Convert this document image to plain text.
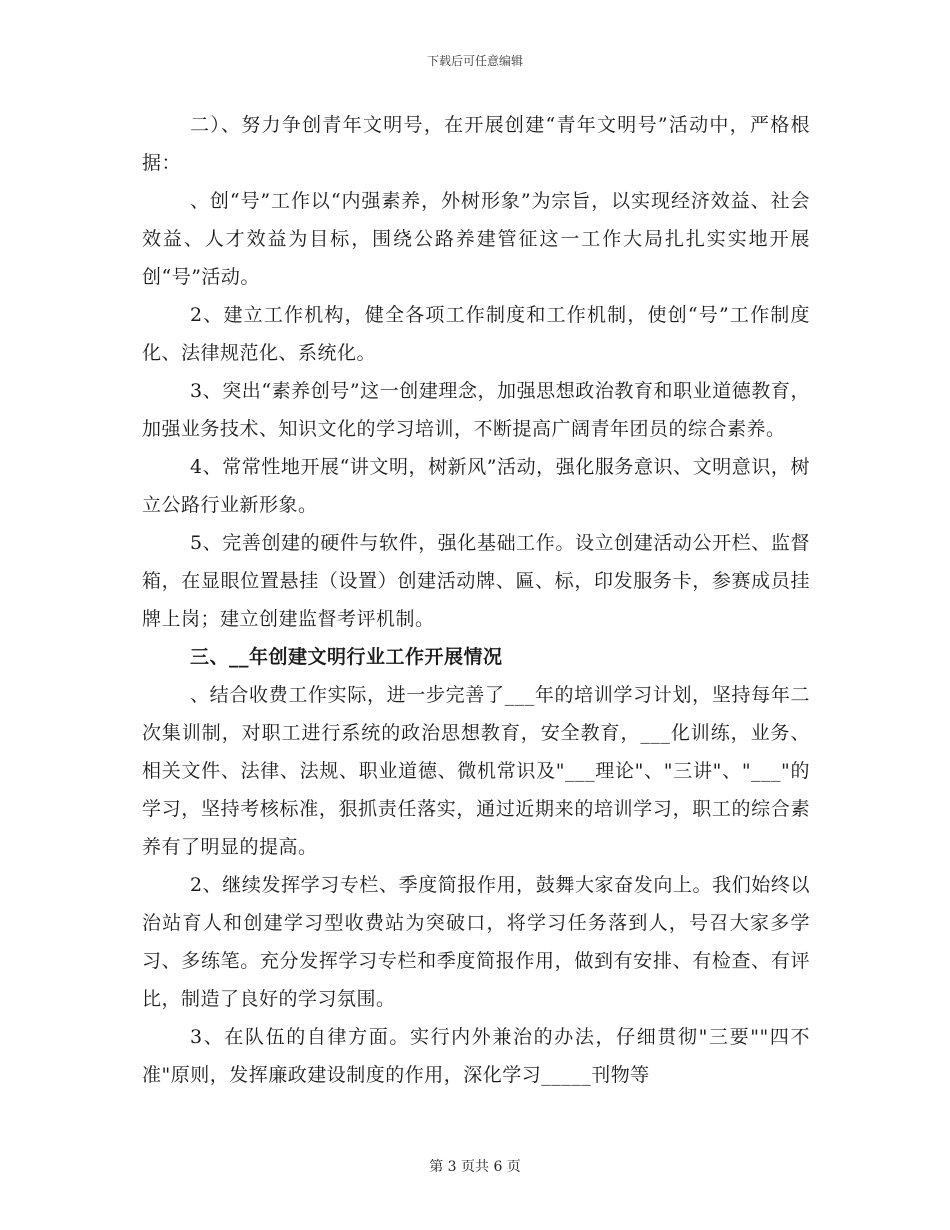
下载后可任意编辑

二）、努力争创青年文明号，在开展创建“青年文明号”活动中，严格根据：

、创“号”工作以“内强素养，外树形象”为宗旨，以实现经济效益、社会效益、人才效益为目标，围绕公路养建管征这一工作大局扎扎实实地开展创“号”活动。

2、建立工作机构，健全各项工作制度和工作机制，使创“号”工作制度化、法律规范化、系统化。

3、突出“素养创号”这一创建理念，加强思想政治教育和职业道德教育，加强业务技术、知识文化的学习培训，不断提高广阔青年团员的综合素养。

4、常常性地开展“讲文明，树新风”活动，强化服务意识、文明意识，树立公路行业新形象。

5、完善创建的硬件与软件，强化基础工作。设立创建活动公开栏、监督箱，在显眼位置悬挂（设置）创建活动牌、匾、标，印发服务卡，参赛成员挂牌上岗；建立创建监督考评机制。

三、__年创建文明行业工作开展情况

、结合收费工作实际，进一步完善了___年的培训学习计划，坚持每年二次集训制，对职工进行系统的政治思想教育，安全教育，___化训练，业务、相关文件、法律、法规、职业道德、微机常识及"___理论"、"三讲"、"___"的学习，坚持考核标准，狠抓责任落实，通过近期来的培训学习，职工的综合素养有了明显的提高。

2、继续发挥学习专栏、季度简报作用，鼓舞大家奋发向上。我们始终以治站育人和创建学习型收费站为突破口，将学习任务落到人，号召大家多学习、多练笔。充分发挥学习专栏和季度简报作用，做到有安排、有检查、有评比，制造了良好的学习氛围。

3、在队伍的自律方面。实行内外兼治的办法，仔细贯彻"三要""四不准"原则，发挥廉政建设制度的作用，深化学习_____刊物等

第 3 页共 6 页
